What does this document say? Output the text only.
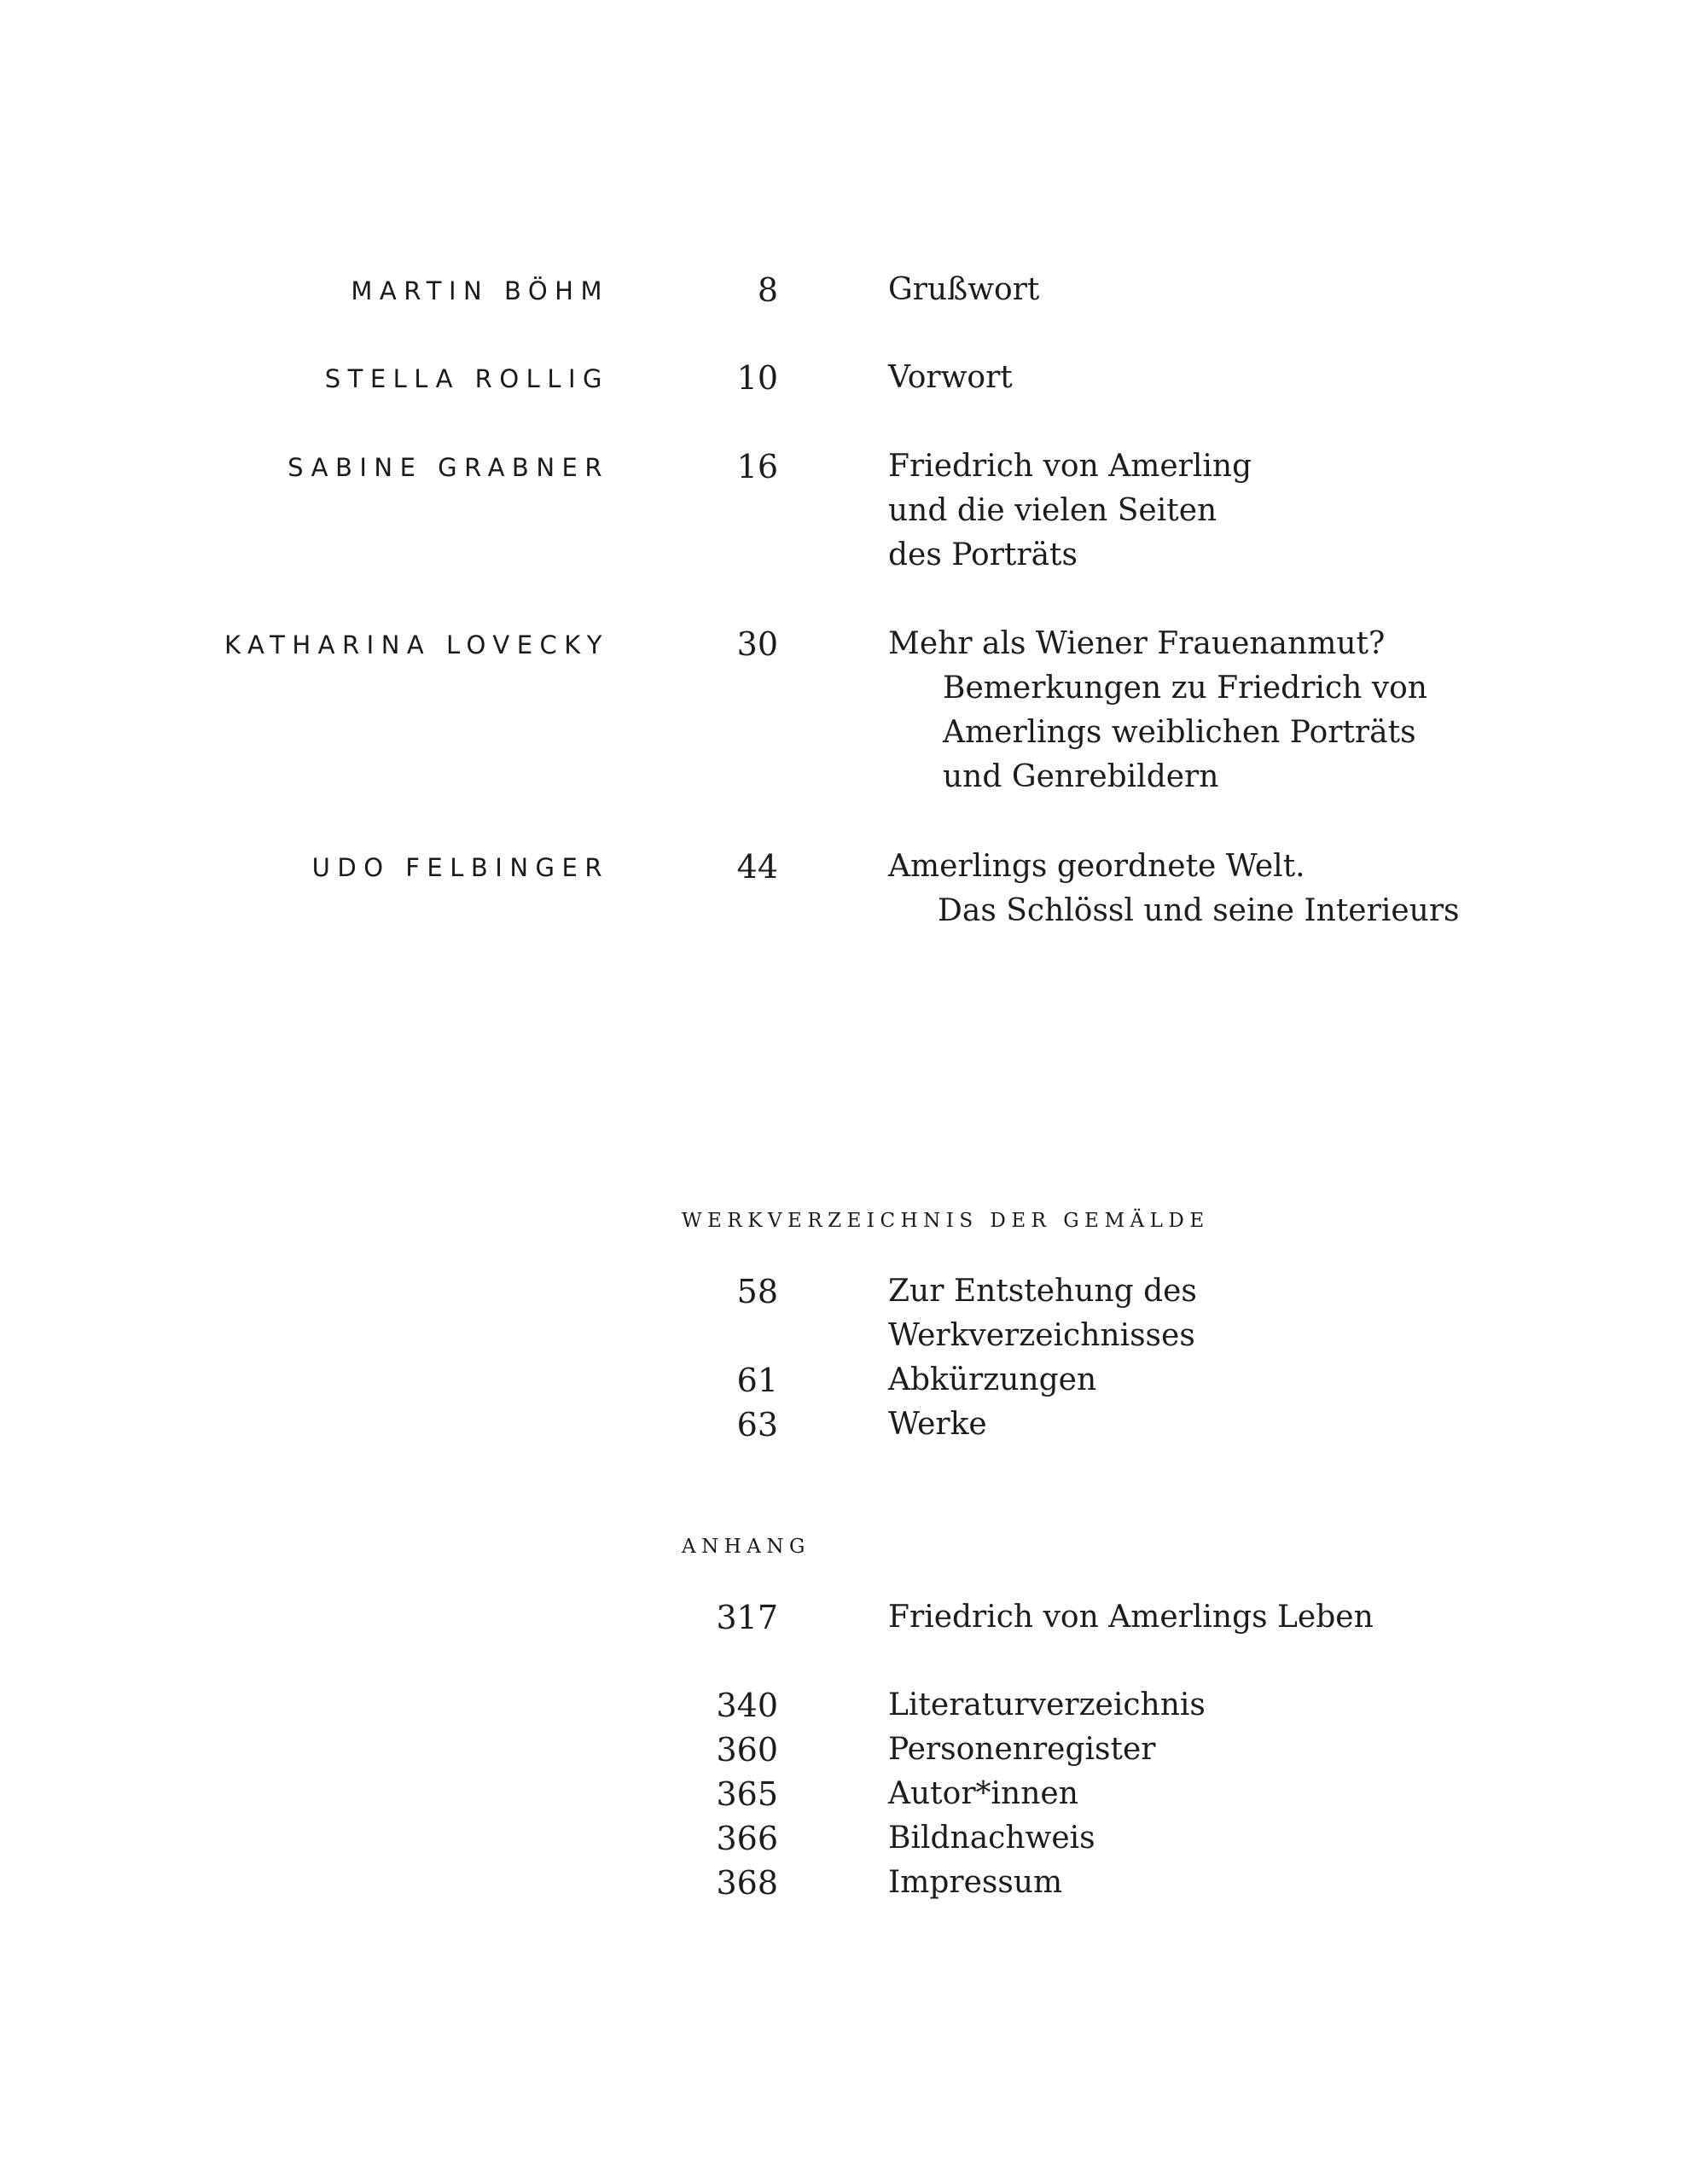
MARTIN BÖHM	8	Grußwort
STELLA ROLLIG	10	Vorwort
SABINE GRABNER	16	Friedrich von Amerling
und die vielen Seiten
des Porträts
KATHARINA LOVECKY	30	Mehr als Wiener Frauenanmut?
Bemerkungen zu Friedrich von
Amerlings weiblichen Porträts
und Genrebildern
UDO FELBINGER	44	Amerlings geordnete Welt.
Das Schlössl und seine Interieurs
WERKVERZEICHNIS DER GEMÄLDE
58	Zur Entstehung des
Werkverzeichnisses
61	Abkürzungen
63	Werke
ANHANG
317	Friedrich von Amerlings Leben
340	Literaturverzeichnis
360	Personenregister
365	Autor*innen
366	Bildnachweis
368	Impressum
